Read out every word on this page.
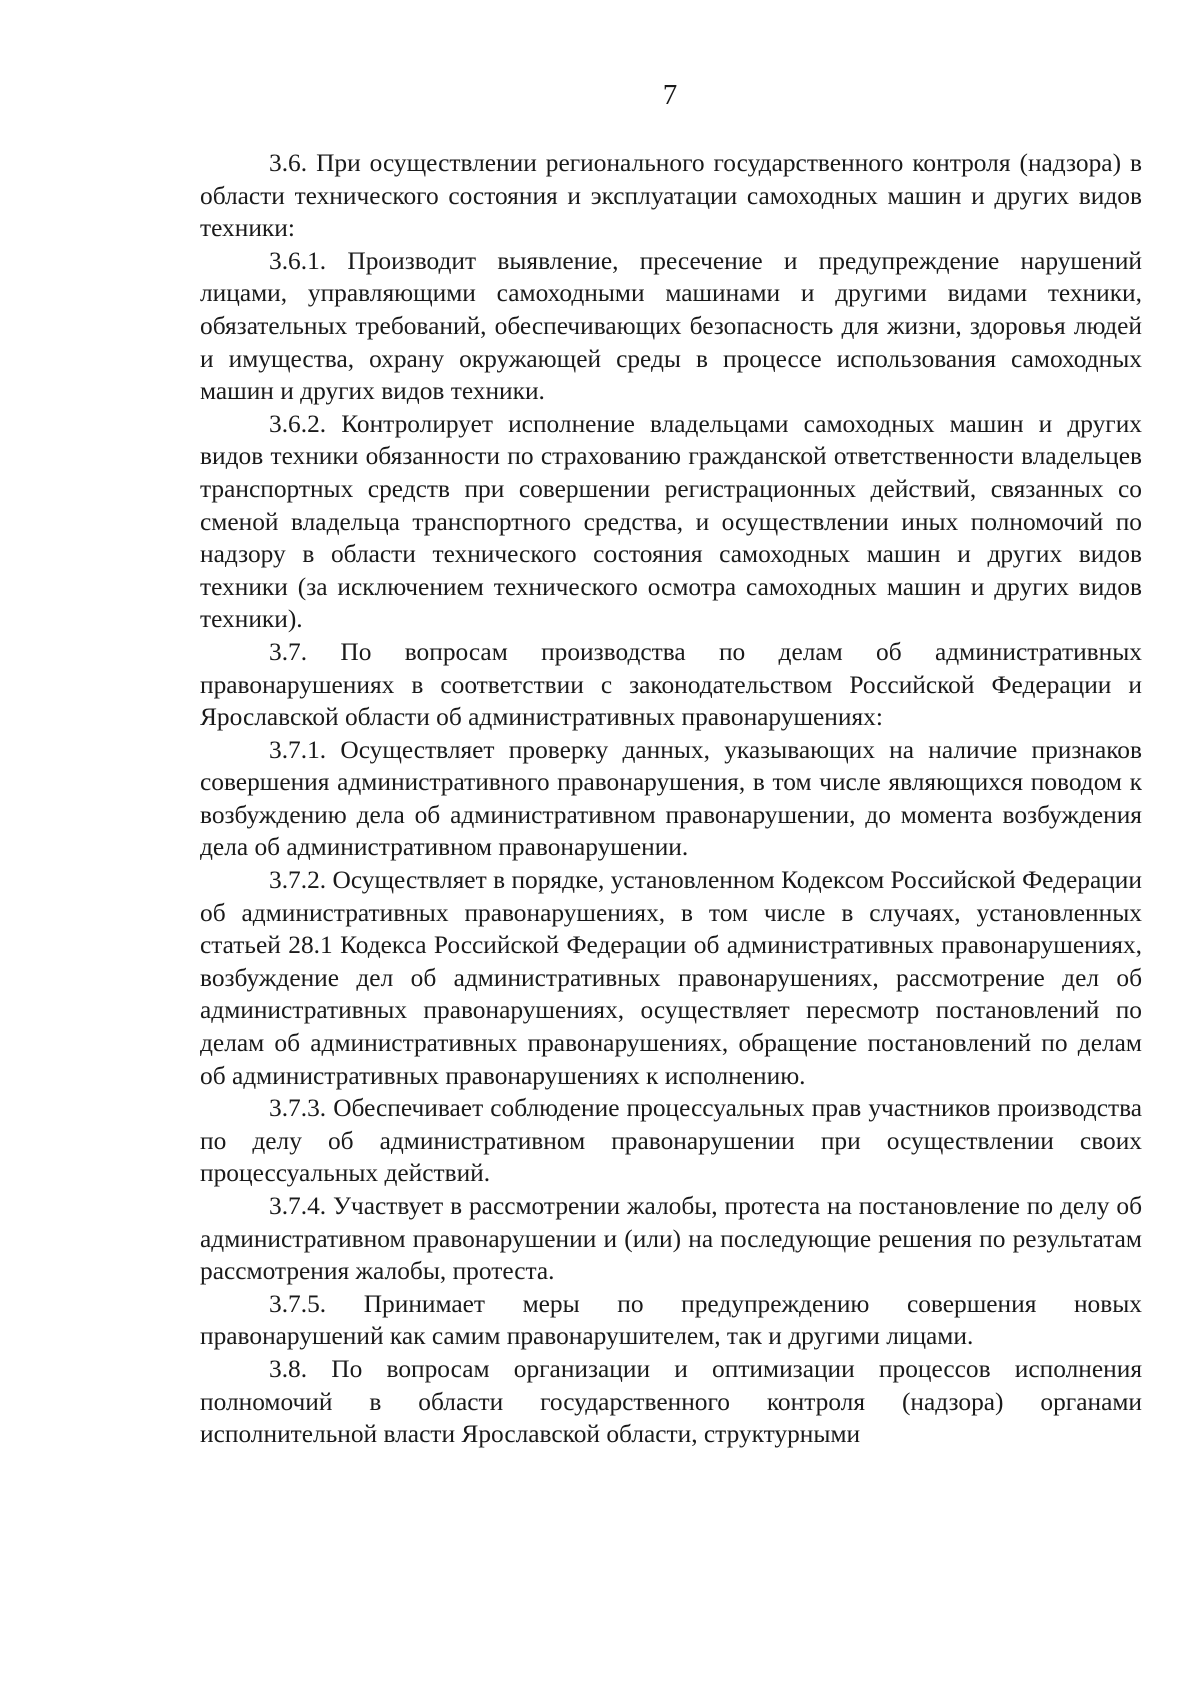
7

3.6. При осуществлении регионального государственного контроля (надзора) в области технического состояния и эксплуатации самоходных машин и других видов техники:

3.6.1. Производит выявление, пресечение и предупреждение нарушений лицами, управляющими самоходными машинами и другими видами техники, обязательных требований, обеспечивающих безопасность для жизни, здоровья людей и имущества, охрану окружающей среды в процессе использования самоходных машин и других видов техники.

3.6.2. Контролирует исполнение владельцами самоходных машин и других видов техники обязанности по страхованию гражданской ответственности владельцев транспортных средств при совершении регистрационных действий, связанных со сменой владельца транспортного средства, и осуществлении иных полномочий по надзору в области технического состояния самоходных машин и других видов техники (за исключением технического осмотра самоходных машин и других видов техники).

3.7. По вопросам производства по делам об административных правонарушениях в соответствии с законодательством Российской Федерации и Ярославской области об административных правонарушениях:

3.7.1. Осуществляет проверку данных, указывающих на наличие признаков совершения административного правонарушения, в том числе являющихся поводом к возбуждению дела об административном правонарушении, до момента возбуждения дела об административном правонарушении.

3.7.2. Осуществляет в порядке, установленном Кодексом Российской Федерации об административных правонарушениях, в том числе в случаях, установленных статьей 28.1 Кодекса Российской Федерации об административных правонарушениях, возбуждение дел об административных правонарушениях, рассмотрение дел об административных правонарушениях, осуществляет пересмотр постановлений по делам об административных правонарушениях, обращение постановлений по делам об административных правонарушениях к исполнению.

3.7.3. Обеспечивает соблюдение процессуальных прав участников производства по делу об административном правонарушении при осуществлении своих процессуальных действий.

3.7.4. Участвует в рассмотрении жалобы, протеста на постановление по делу об административном правонарушении и (или) на последующие решения по результатам рассмотрения жалобы, протеста.

3.7.5. Принимает меры по предупреждению совершения новых правонарушений как самим правонарушителем, так и другими лицами.

3.8. По вопросам организации и оптимизации процессов исполнения полномочий в области государственного контроля (надзора) органами исполнительной власти Ярославской области, структурными
